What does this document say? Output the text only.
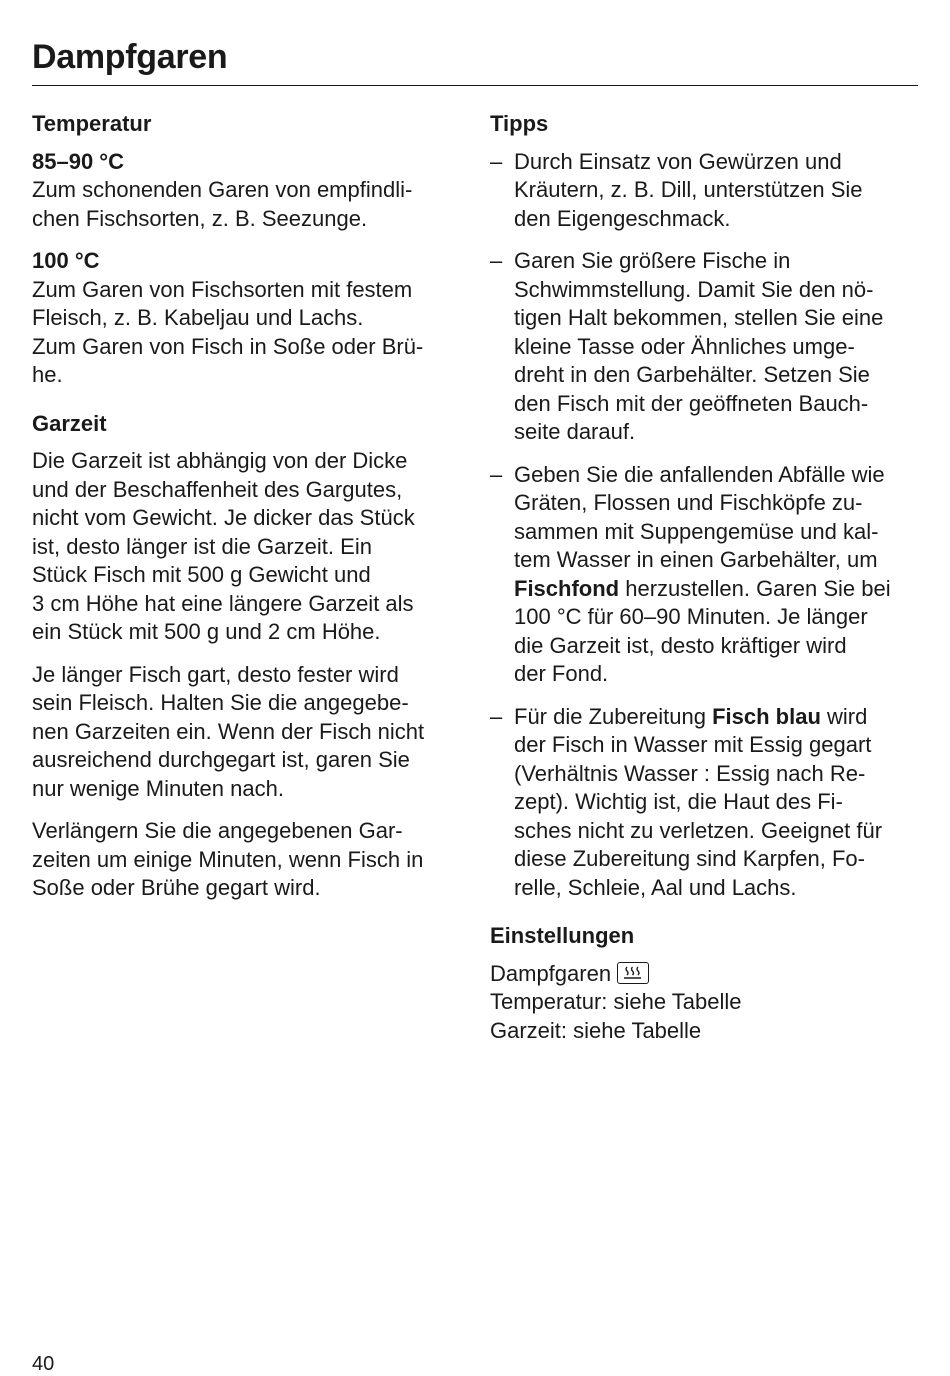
Dampfgaren
Temperatur
85–90 °C
Zum schonenden Garen von empfindli-
chen Fischsorten, z. B. Seezunge.
100 °C
Zum Garen von Fischsorten mit festem
Fleisch, z. B. Kabeljau und Lachs.
Zum Garen von Fisch in Soße oder Brü-
he.
Garzeit
Die Garzeit ist abhängig von der Dicke
und der Beschaffenheit des Gargutes,
nicht vom Gewicht. Je dicker das Stück
ist, desto länger ist die Garzeit. Ein
Stück Fisch mit 500 g Gewicht und
3 cm Höhe hat eine längere Garzeit als
ein Stück mit 500 g und 2 cm Höhe.
Je länger Fisch gart, desto fester wird
sein Fleisch. Halten Sie die angegebe-
nen Garzeiten ein. Wenn der Fisch nicht
ausreichend durchgegart ist, garen Sie
nur wenige Minuten nach.
Verlängern Sie die angegebenen Gar-
zeiten um einige Minuten, wenn Fisch in
Soße oder Brühe gegart wird.
Tipps
– Durch Einsatz von Gewürzen und
Kräutern, z. B. Dill, unterstützen Sie
den Eigengeschmack.
– Garen Sie größere Fische in
Schwimmstellung. Damit Sie den nö-
tigen Halt bekommen, stellen Sie eine
kleine Tasse oder Ähnliches umge-
dreht in den Garbehälter. Setzen Sie
den Fisch mit der geöffneten Bauch-
seite darauf.
– Geben Sie die anfallenden Abfälle wie
Gräten, Flossen und Fischköpfe zu-
sammen mit Suppengemüse und kal-
tem Wasser in einen Garbehälter, um
Fischfond herzustellen. Garen Sie bei
100 °C für 60–90 Minuten. Je länger
die Garzeit ist, desto kräftiger wird
der Fond.
– Für die Zubereitung Fisch blau wird
der Fisch in Wasser mit Essig gegart
(Verhältnis Wasser : Essig nach Re-
zept). Wichtig ist, die Haut des Fi-
sches nicht zu verletzen. Geeignet für
diese Zubereitung sind Karpfen, Fo-
relle, Schleie, Aal und Lachs.
Einstellungen
Dampfgaren
Temperatur: siehe Tabelle
Garzeit: siehe Tabelle
40
